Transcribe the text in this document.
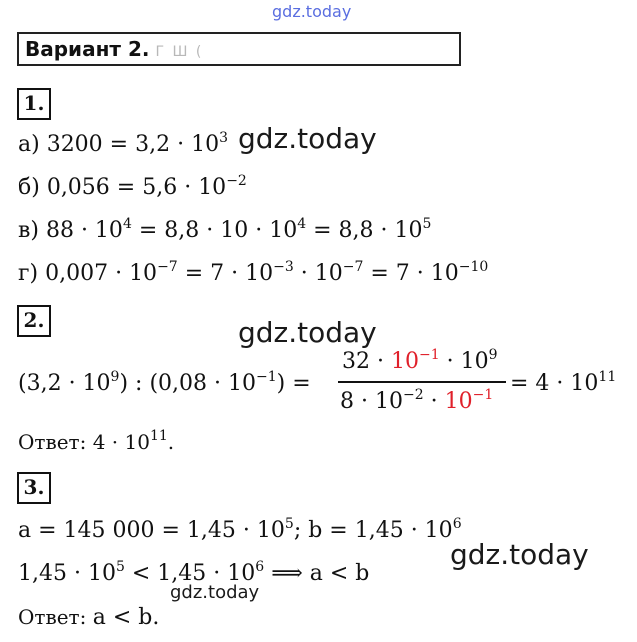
gdz.today
Вариант 2. Г Ш (
1.
а) $3200 = 3,2 \cdot 10^3$ gdz.today
б) $0,056 = 5,6 \cdot 10^{-2}$
в) $88 \cdot 10^4 = 8,8 \cdot 10 \cdot 10^4 = 8,8 \cdot 10^5$
г) $0,007 \cdot 10^{-7} = 7 \cdot 10^{-3} \cdot 10^{-7} = 7 \cdot 10^{-10}$
2.	gdz.today
$(3,2 \cdot 10^9)$ : $(0,08 \cdot 10^{-1})$ =
$32 \cdot 10^{-1} \cdot 10^9$
$8 \cdot 10^{-2} \cdot 10^{-1} = 4 \cdot 10^{11}$
Ответ: $4 \cdot 10^{11}$.
3.
a = 145 $000 = 1,45 \cdot 10^5$; $b = 1,45 \cdot 10^6$
gdz.today
$1,45 \cdot 10^5 < 1,45 \cdot 10^6$ ⟹ a < b
gdz.today
Ответ: a < b.
